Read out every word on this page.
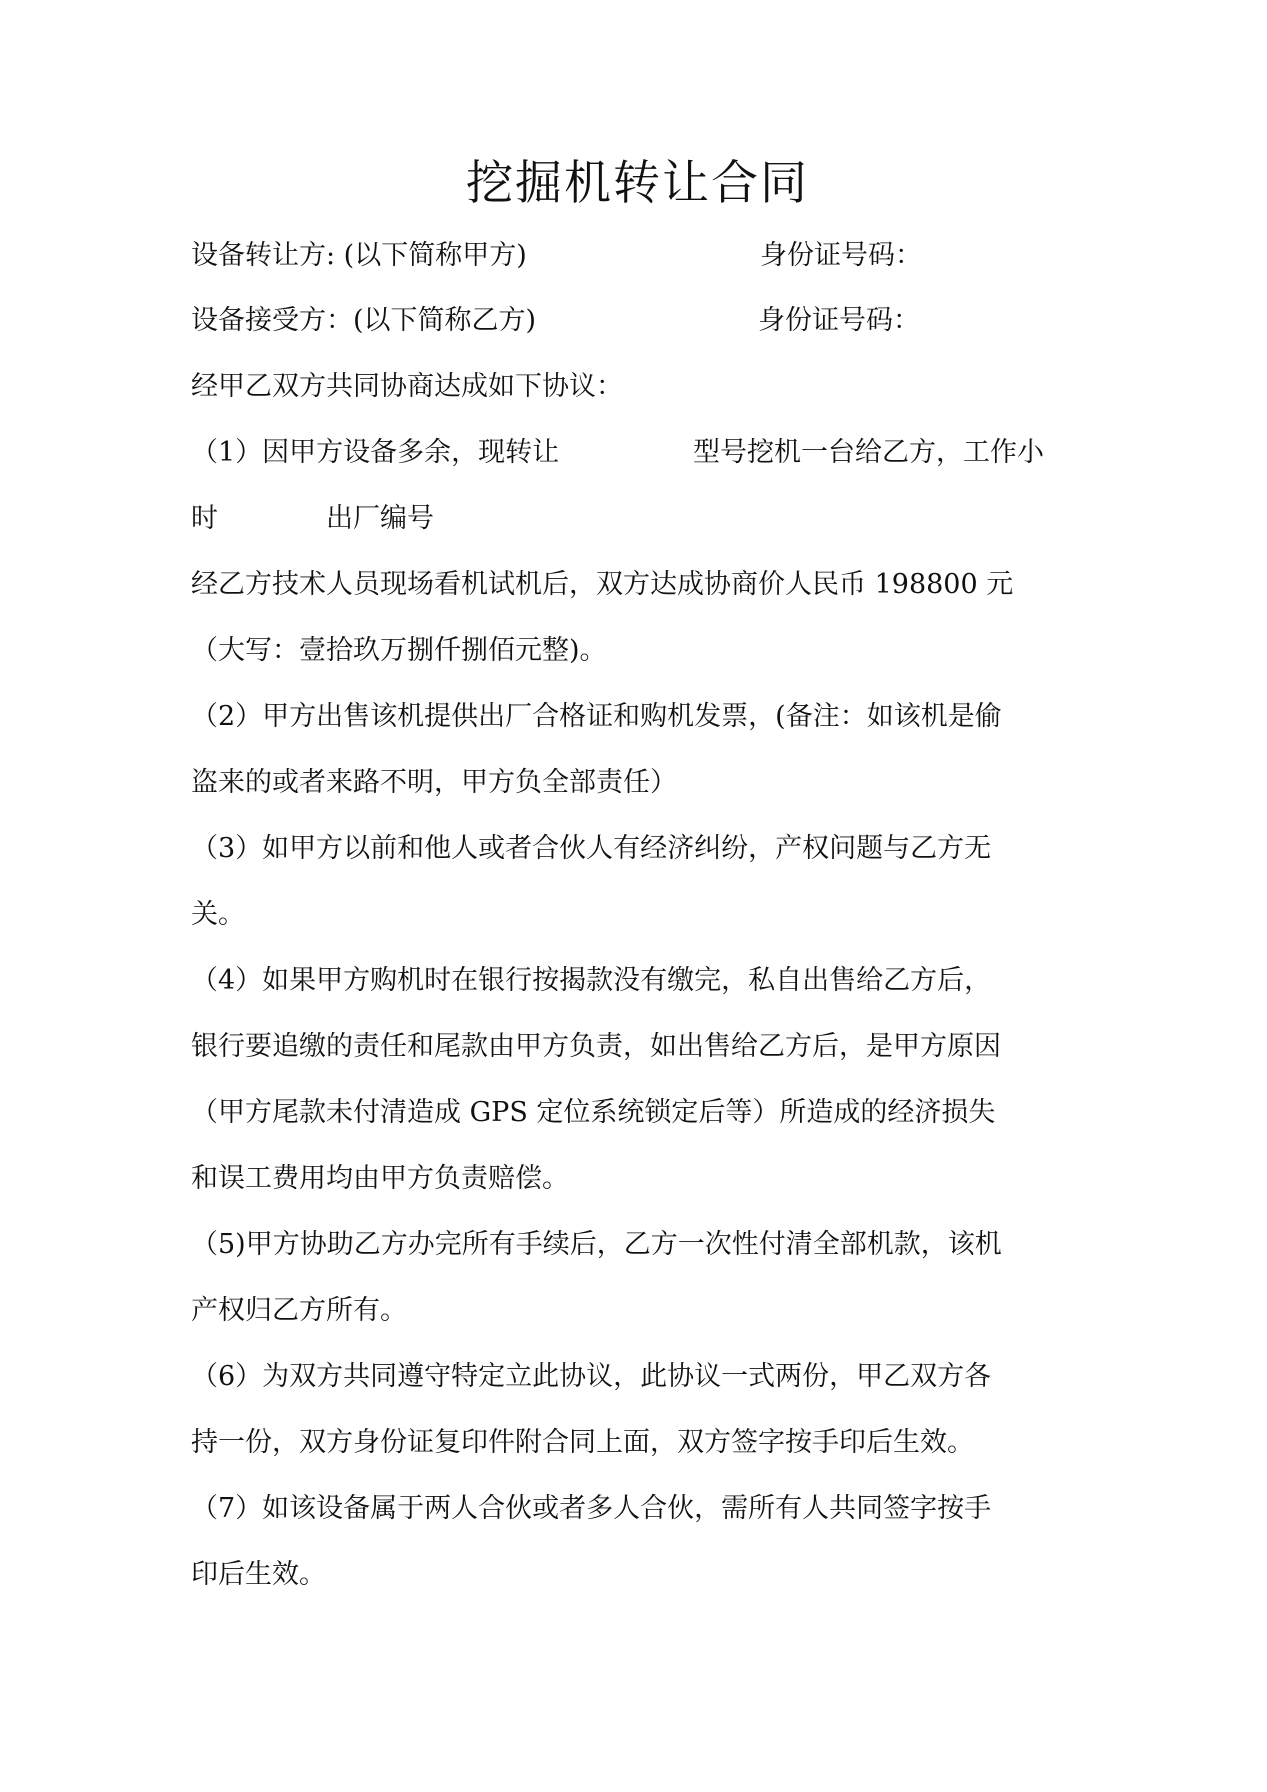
挖掘机转让合同
设备转让方: (以下简称甲方)	身份证号码：
设备接受方：(以下简称乙方)	身份证号码：
经甲乙双方共同协商达成如下协议：
（1）因甲方设备多余，现转让	型号挖机一台给乙方，工作小
时	出厂编号
经乙方技术人员现场看机试机后，双方达成协商价人民币 198800 元
（大写：壹拾玖万捌仟捌佰元整)。
（2）甲方出售该机提供出厂合格证和购机发票，(备注：如该机是偷
盗来的或者来路不明，甲方负全部责任）
（3）如甲方以前和他人或者合伙人有经济纠纷，产权问题与乙方无
关。
（4）如果甲方购机时在银行按揭款没有缴完，私自出售给乙方后，
银行要追缴的责任和尾款由甲方负责，如出售给乙方后，是甲方原因
（甲方尾款未付清造成 GPS 定位系统锁定后等）所造成的经济损失
和误工费用均由甲方负责赔偿。
（5)甲方协助乙方办完所有手续后，乙方一次性付清全部机款，该机
产权归乙方所有。
（6）为双方共同遵守特定立此协议，此协议一式两份，甲乙双方各
持一份，双方身份证复印件附合同上面，双方签字按手印后生效。
（7）如该设备属于两人合伙或者多人合伙，需所有人共同签字按手
印后生效。
